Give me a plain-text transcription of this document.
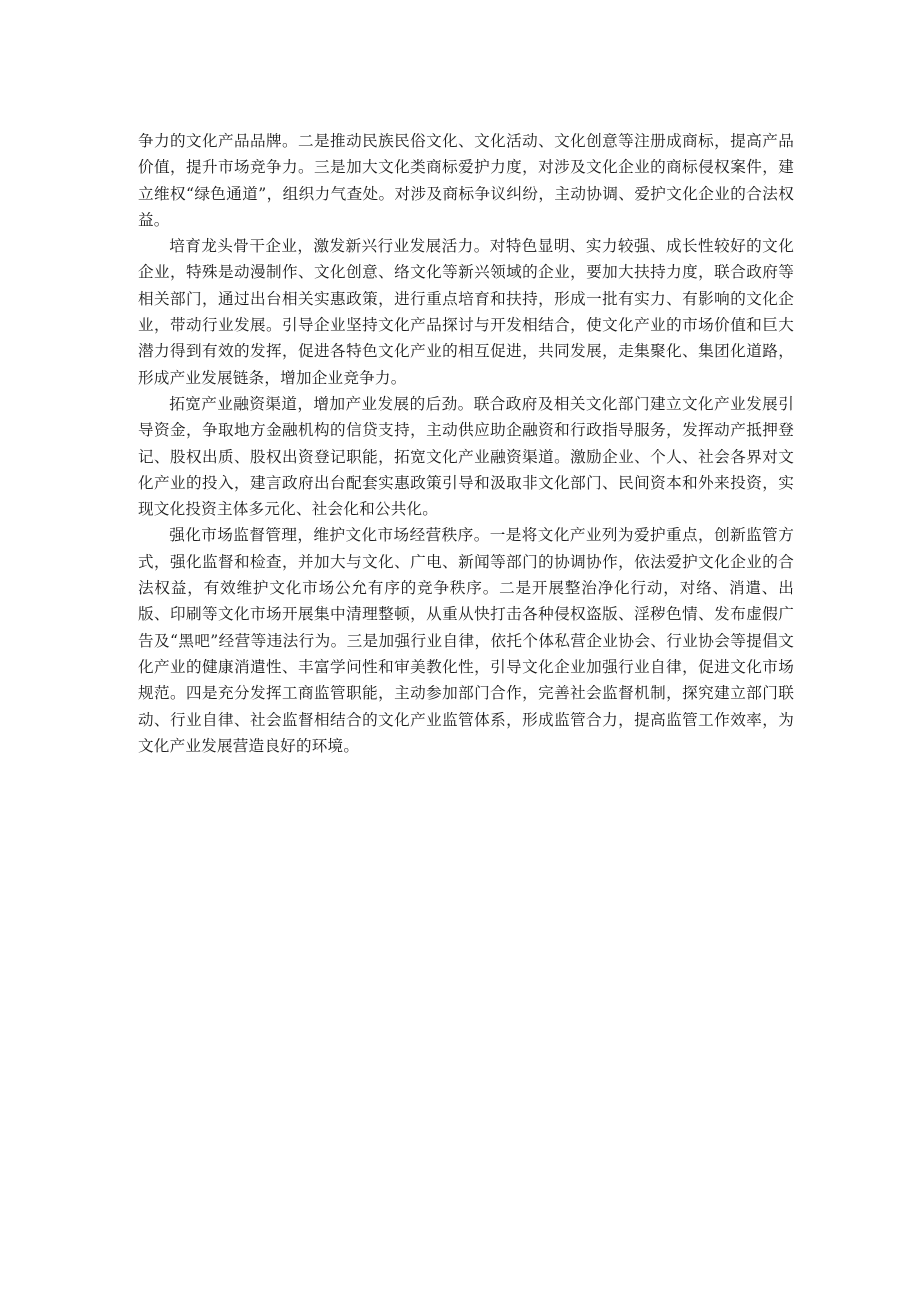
争力的文化产品品牌。二是推动民族民俗文化、文化活动、文化创意等注册成商标，提高产品价值，提升市场竞争力。三是加大文化类商标爱护力度，对涉及文化企业的商标侵权案件，建立维权“绿色通道”，组织力气查处。对涉及商标争议纠纷，主动协调、爱护文化企业的合法权益。

培育龙头骨干企业，激发新兴行业发展活力。对特色显明、实力较强、成长性较好的文化企业，特殊是动漫制作、文化创意、络文化等新兴领域的企业，要加大扶持力度，联合政府等相关部门，通过出台相关实惠政策，进行重点培育和扶持，形成一批有实力、有影响的文化企业，带动行业发展。引导企业坚持文化产品探讨与开发相结合，使文化产业的市场价值和巨大潜力得到有效的发挥，促进各特色文化产业的相互促进，共同发展，走集聚化、集团化道路，形成产业发展链条，增加企业竞争力。

拓宽产业融资渠道，增加产业发展的后劲。联合政府及相关文化部门建立文化产业发展引导资金，争取地方金融机构的信贷支持，主动供应助企融资和行政指导服务，发挥动产抵押登记、股权出质、股权出资登记职能，拓宽文化产业融资渠道。激励企业、个人、社会各界对文化产业的投入，建言政府出台配套实惠政策引导和汲取非文化部门、民间资本和外来投资，实现文化投资主体多元化、社会化和公共化。

强化市场监督管理，维护文化市场经营秩序。一是将文化产业列为爱护重点，创新监管方式，强化监督和检查，并加大与文化、广电、新闻等部门的协调协作，依法爱护文化企业的合法权益，有效维护文化市场公允有序的竞争秩序。二是开展整治净化行动，对络、消遣、出版、印刷等文化市场开展集中清理整顿，从重从快打击各种侵权盗版、淫秽色情、发布虚假广告及“黑吧”经营等违法行为。三是加强行业自律，依托个体私营企业协会、行业协会等提倡文化产业的健康消遣性、丰富学问性和审美教化性，引导文化企业加强行业自律，促进文化市场规范。四是充分发挥工商监管职能，主动参加部门合作，完善社会监督机制，探究建立部门联动、行业自律、社会监督相结合的文化产业监管体系，形成监管合力，提高监管工作效率，为文化产业发展营造良好的环境。
